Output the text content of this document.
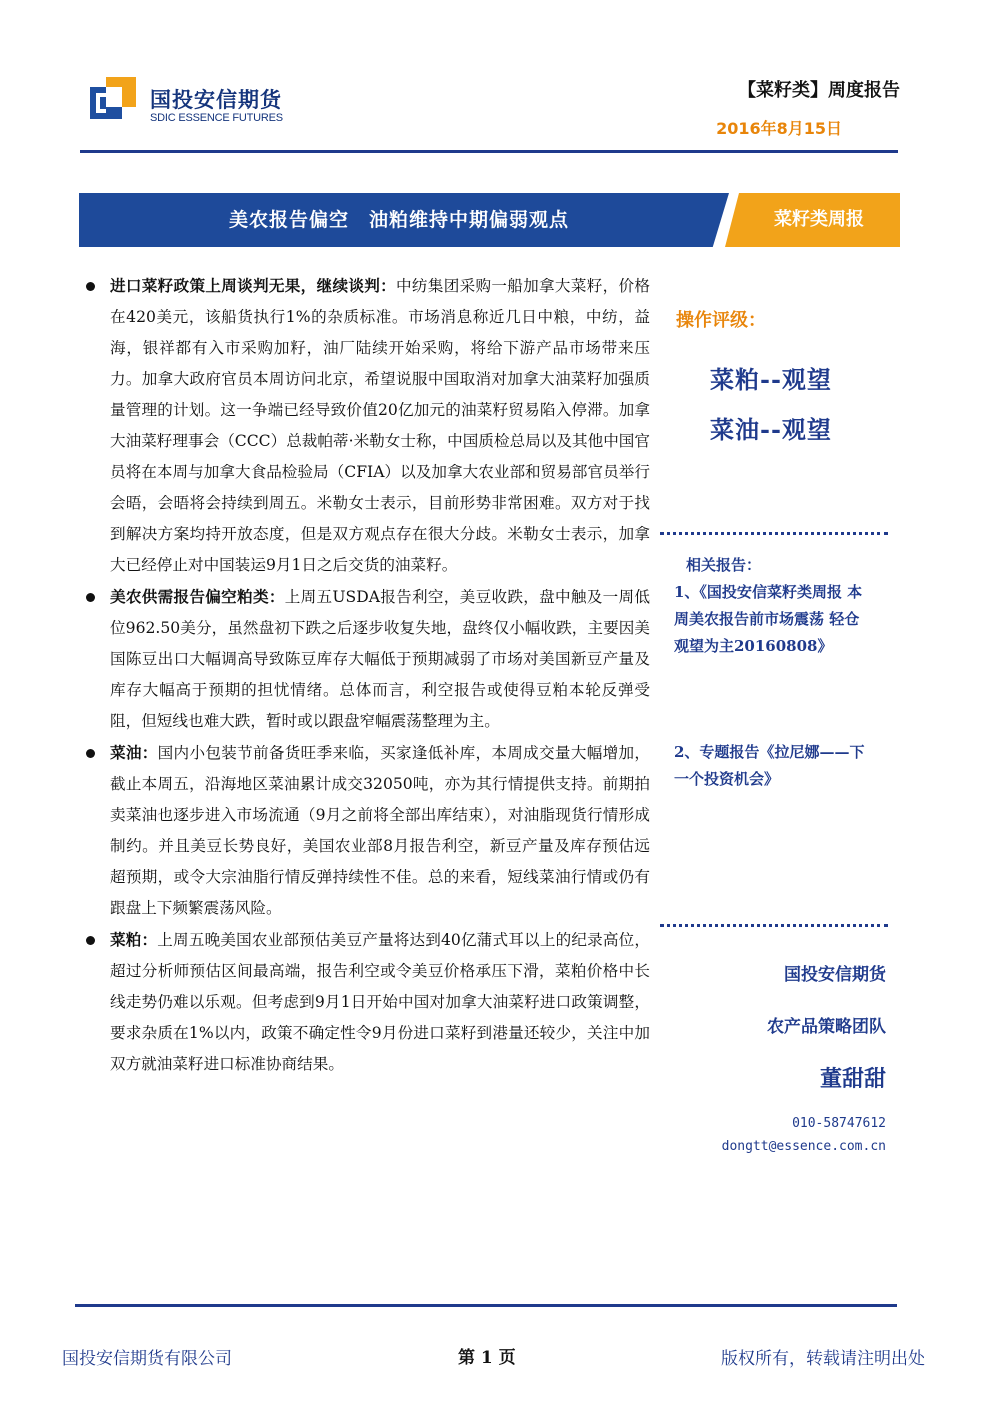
国投安信期货
SDIC ESSENCE FUTURES
【菜籽类】周度报告
2016年8月15日
美农报告偏空　油粕维持中期偏弱观点	菜籽类周报
进口菜籽政策上周谈判无果，继续谈判：中纺集团采购一船加拿大菜籽，价格在420美元，该船货执行1%的杂质标准。市场消息称近几日中粮，中纺，益海，银祥都有入市采购加籽，油厂陆续开始采购，将给下游产品市场带来压力。加拿大政府官员本周访问北京，希望说服中国取消对加拿大油菜籽加强质量管理的计划。这一争端已经导致价值20亿加元的油菜籽贸易陷入停滞。加拿大油菜籽理事会（CCC）总裁帕蒂·米勒女士称，中国质检总局以及其他中国官员将在本周与加拿大食品检验局（CFIA）以及加拿大农业部和贸易部官员举行会晤，会晤将会持续到周五。米勒女士表示，目前形势非常困难。双方对于找到解决方案均持开放态度，但是双方观点存在很大分歧。米勒女士表示，加拿大已经停止对中国装运9月1日之后交货的油菜籽。
美农供需报告偏空粕类：上周五USDA报告利空，美豆收跌，盘中触及一周低位962.50美分，虽然盘初下跌之后逐步收复失地，盘终仅小幅收跌，主要因美国陈豆出口大幅调高导致陈豆库存大幅低于预期减弱了市场对美国新豆产量及库存大幅高于预期的担忧情绪。总体而言，利空报告或使得豆粕本轮反弹受阻，但短线也难大跌，暂时或以跟盘窄幅震荡整理为主。
菜油：国内小包装节前备货旺季来临，买家逢低补库，本周成交量大幅增加，截止本周五，沿海地区菜油累计成交32050吨，亦为其行情提供支持。前期拍卖菜油也逐步进入市场流通（9月之前将全部出库结束），对油脂现货行情形成制约。并且美豆长势良好，美国农业部8月报告利空，新豆产量及库存预估远超预期，或令大宗油脂行情反弹持续性不佳。总的来看，短线菜油行情或仍有跟盘上下频繁震荡风险。
菜粕：上周五晚美国农业部预估美豆产量将达到40亿蒲式耳以上的纪录高位，超过分析师预估区间最高端，报告利空或令美豆价格承压下滑，菜粕价格中长线走势仍难以乐观。但考虑到9月1日开始中国对加拿大油菜籽进口政策调整，要求杂质在1%以内，政策不确定性令9月份进口菜籽到港量还较少，关注中加双方就油菜籽进口标准协商结果。
操作评级：
菜粕--观望
菜油--观望
相关报告：
1、《国投安信菜籽类周报 本周美农报告前市场震荡 轻仓观望为主20160808》
2、专题报告《拉尼娜——下一个投资机会》
国投安信期货
农产品策略团队
董甜甜
010-58747612
dongtt@essence.com.cn
国投安信期货有限公司	第 1 页	版权所有，转载请注明出处
